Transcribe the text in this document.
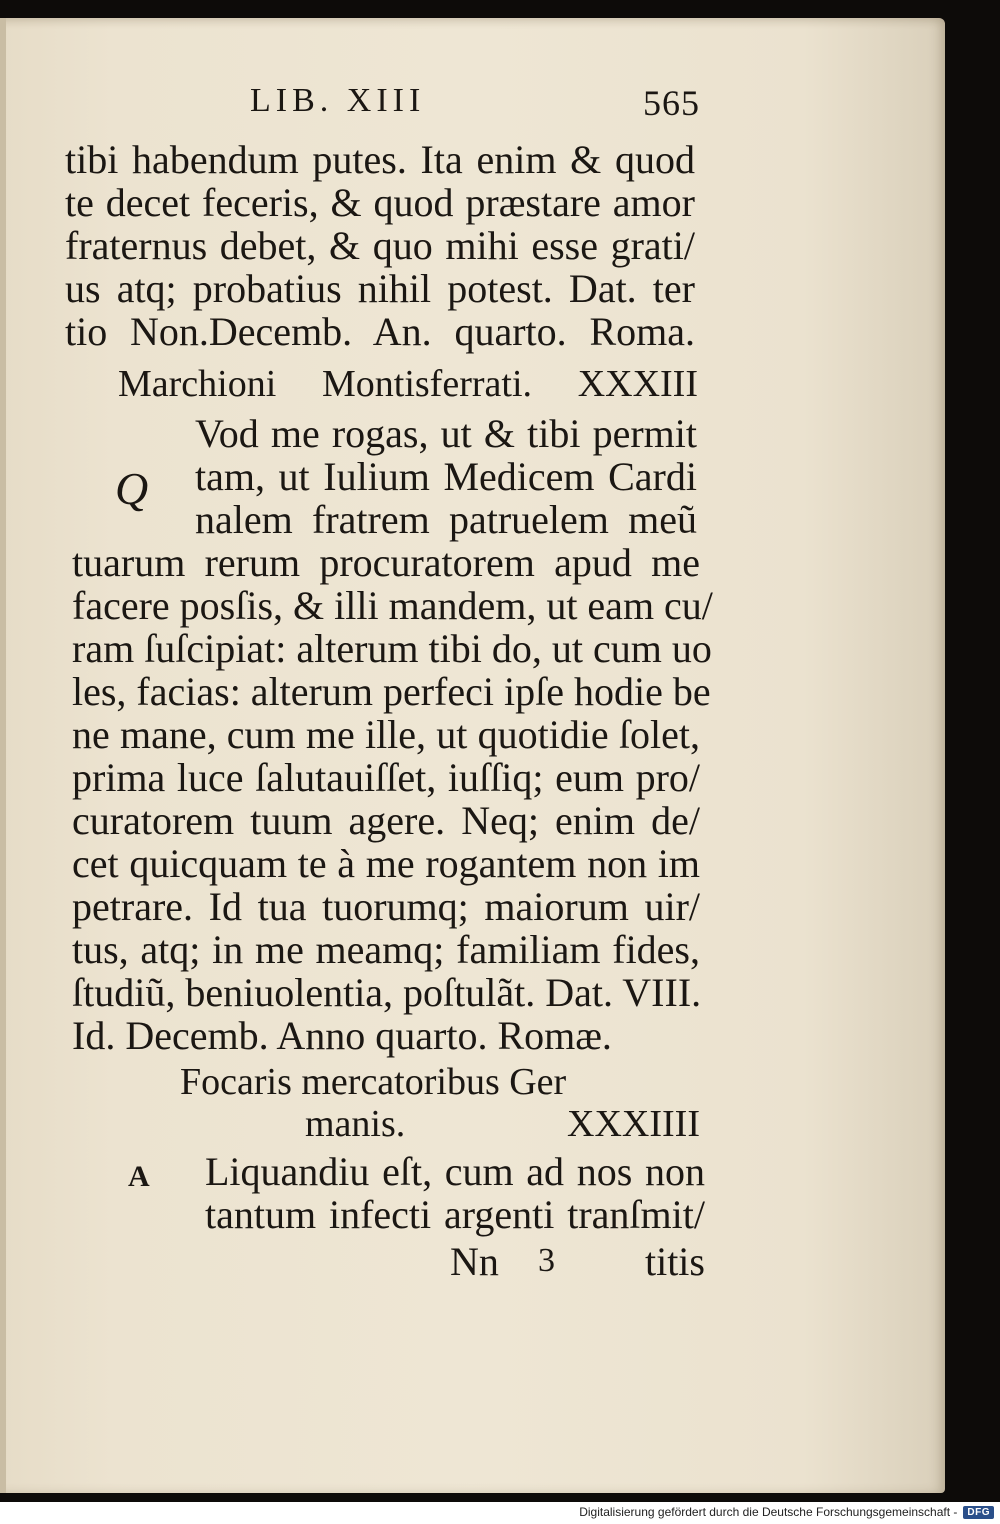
LIB. XIII	565
tibi habendum putes. Ita enim & quod
te decet feceris, & quod præstare amor
fraternus debet, & quo mihi esse grati/
us atq; probatius nihil potest. Dat. ter
tio Non.Decemb. An. quarto. Roma.
Marchioni Montisferrati. XXXIII
Q
Vod me rogas, ut & tibi permit
tam, ut Iulium Medicem Cardi
nalem fratrem patruelem meũ
tuarum rerum procuratorem apud me
facere posſis, & illi mandem, ut eam cu/
ram ſuſcipiat: alterum tibi do, ut cum uo
les, facias: alterum perfeci ipſe hodie be
ne mane, cum me ille, ut quotidie ſolet,
prima luce ſalutauiſſet, iuſſiq; eum pro/
curatorem tuum agere. Neq; enim de/
cet quicquam te à me rogantem non im
petrare. Id tua tuorumq; maiorum uir/
tus, atq; in me meamq; familiam fides,
ſtudiũ, beniuolentia, poſtulãt. Dat. VIII.
Id. Decemb. Anno quarto. Romæ.
Focaris mercatoribus Ger
manis.	XXXIIII
A Liquandiu eſt, cum ad nos non
tantum infecti argenti tranſmit/
Nn 3 titis
Digitalisierung gefördert durch die Deutsche Forschungsgemeinschaft -	DFG
